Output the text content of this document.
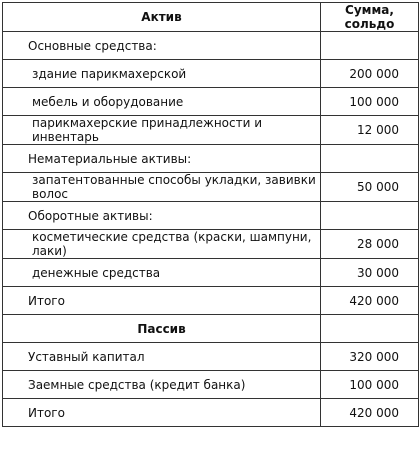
Актив	Сумма, сольдо
Основные средства:	
здание парикмахерской	200 000
мебель и оборудование	100 000
парикмахерские принадлежности и инвентарь	12 000
Нематериальные активы:	
запатентованные способы укладки, завивки волос	50 000
Оборотные активы:	
косметические средства (краски, шампуни, лаки)	28 000
денежные средства	30 000
Итого	420 000
Пассив	
Уставный капитал	320 000
Заемные средства (кредит банка)	100 000
Итого	420 000
